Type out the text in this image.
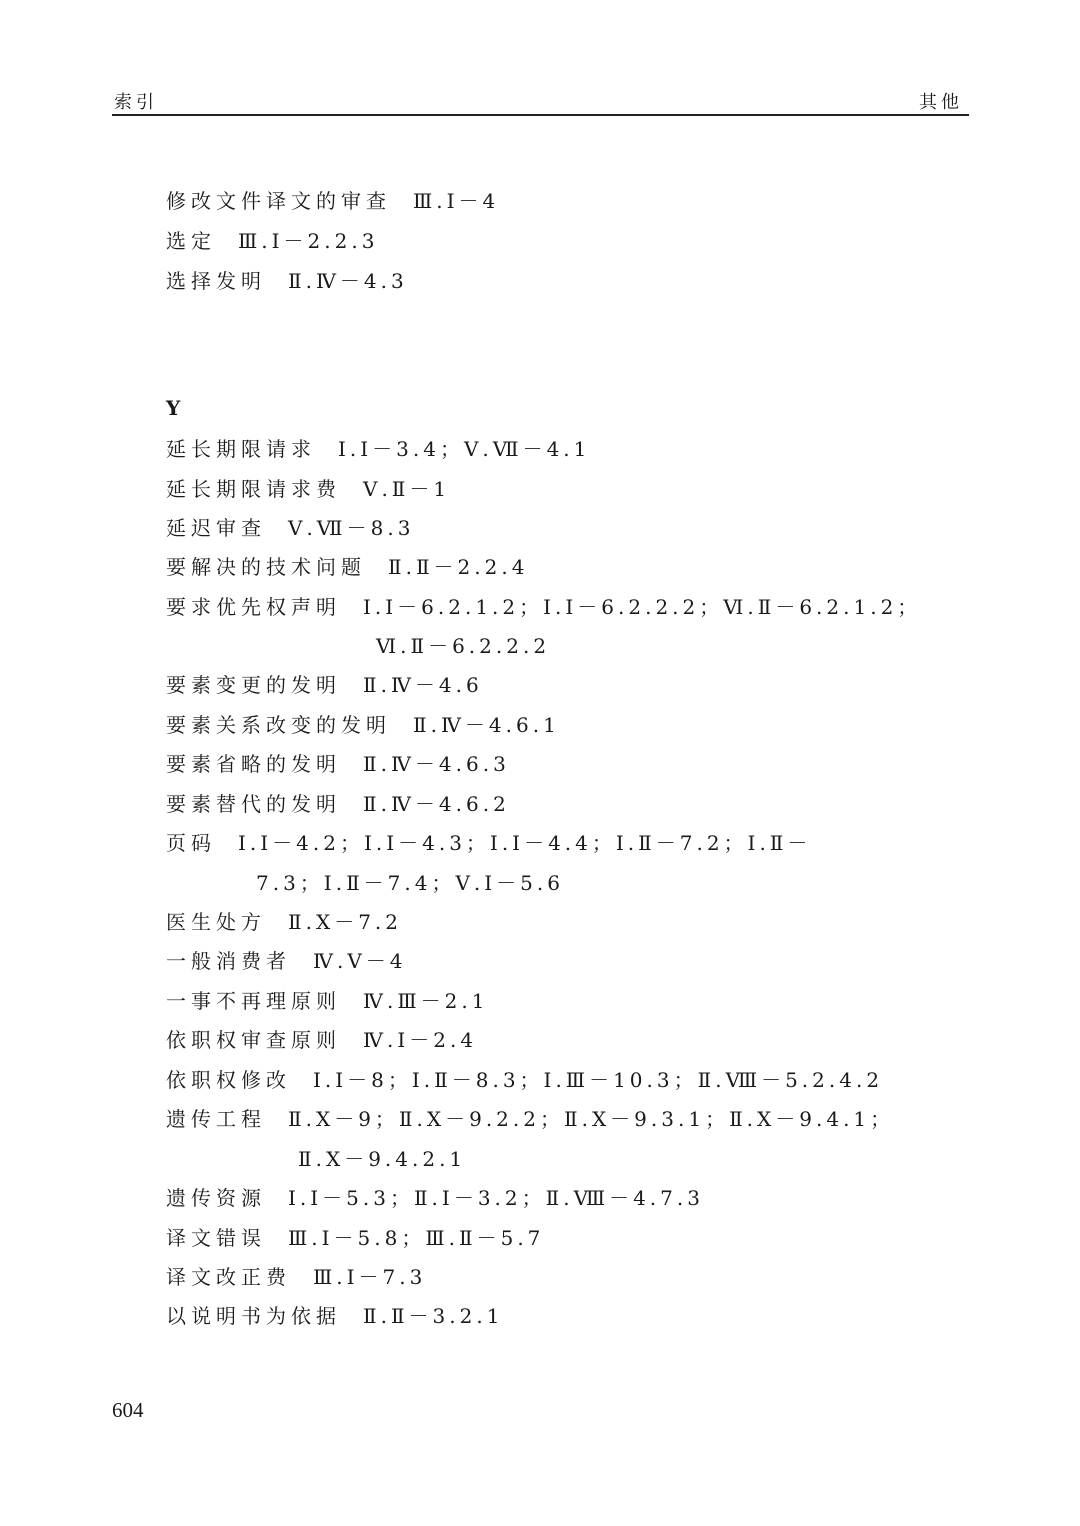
索引	其他
修改文件译文的审查 Ⅲ.Ⅰ－4
选定 Ⅲ.Ⅰ－2.2.3
选择发明 Ⅱ.Ⅳ－4.3
Y
延长期限请求 Ⅰ.Ⅰ－3.4；Ⅴ.Ⅶ－4.1
延长期限请求费 Ⅴ.Ⅱ－1
延迟审查 Ⅴ.Ⅶ－8.3
要解决的技术问题 Ⅱ.Ⅱ－2.2.4
要求优先权声明 Ⅰ.Ⅰ－6.2.1.2；Ⅰ.Ⅰ－6.2.2.2；Ⅵ.Ⅱ－6.2.1.2；
Ⅵ.Ⅱ－6.2.2.2
要素变更的发明 Ⅱ.Ⅳ－4.6
要素关系改变的发明 Ⅱ.Ⅳ－4.6.1
要素省略的发明 Ⅱ.Ⅳ－4.6.3
要素替代的发明 Ⅱ.Ⅳ－4.6.2
页码 Ⅰ.Ⅰ－4.2；Ⅰ.Ⅰ－4.3；Ⅰ.Ⅰ－4.4；Ⅰ.Ⅱ－7.2；Ⅰ.Ⅱ－
7.3；Ⅰ.Ⅱ－7.4；Ⅴ.Ⅰ－5.6
医生处方 Ⅱ.Ⅹ－7.2
一般消费者 Ⅳ.Ⅴ－4
一事不再理原则 Ⅳ.Ⅲ－2.1
依职权审查原则 Ⅳ.Ⅰ－2.4
依职权修改 Ⅰ.Ⅰ－8；Ⅰ.Ⅱ－8.3；Ⅰ.Ⅲ－10.3；Ⅱ.Ⅷ－5.2.4.2
遗传工程 Ⅱ.Ⅹ－9；Ⅱ.Ⅹ－9.2.2；Ⅱ.Ⅹ－9.3.1；Ⅱ.Ⅹ－9.4.1；
Ⅱ.Ⅹ－9.4.2.1
遗传资源 Ⅰ.Ⅰ－5.3；Ⅱ.Ⅰ－3.2；Ⅱ.Ⅷ－4.7.3
译文错误 Ⅲ.Ⅰ－5.8；Ⅲ.Ⅱ－5.7
译文改正费 Ⅲ.Ⅰ－7.3
以说明书为依据 Ⅱ.Ⅱ－3.2.1
604
